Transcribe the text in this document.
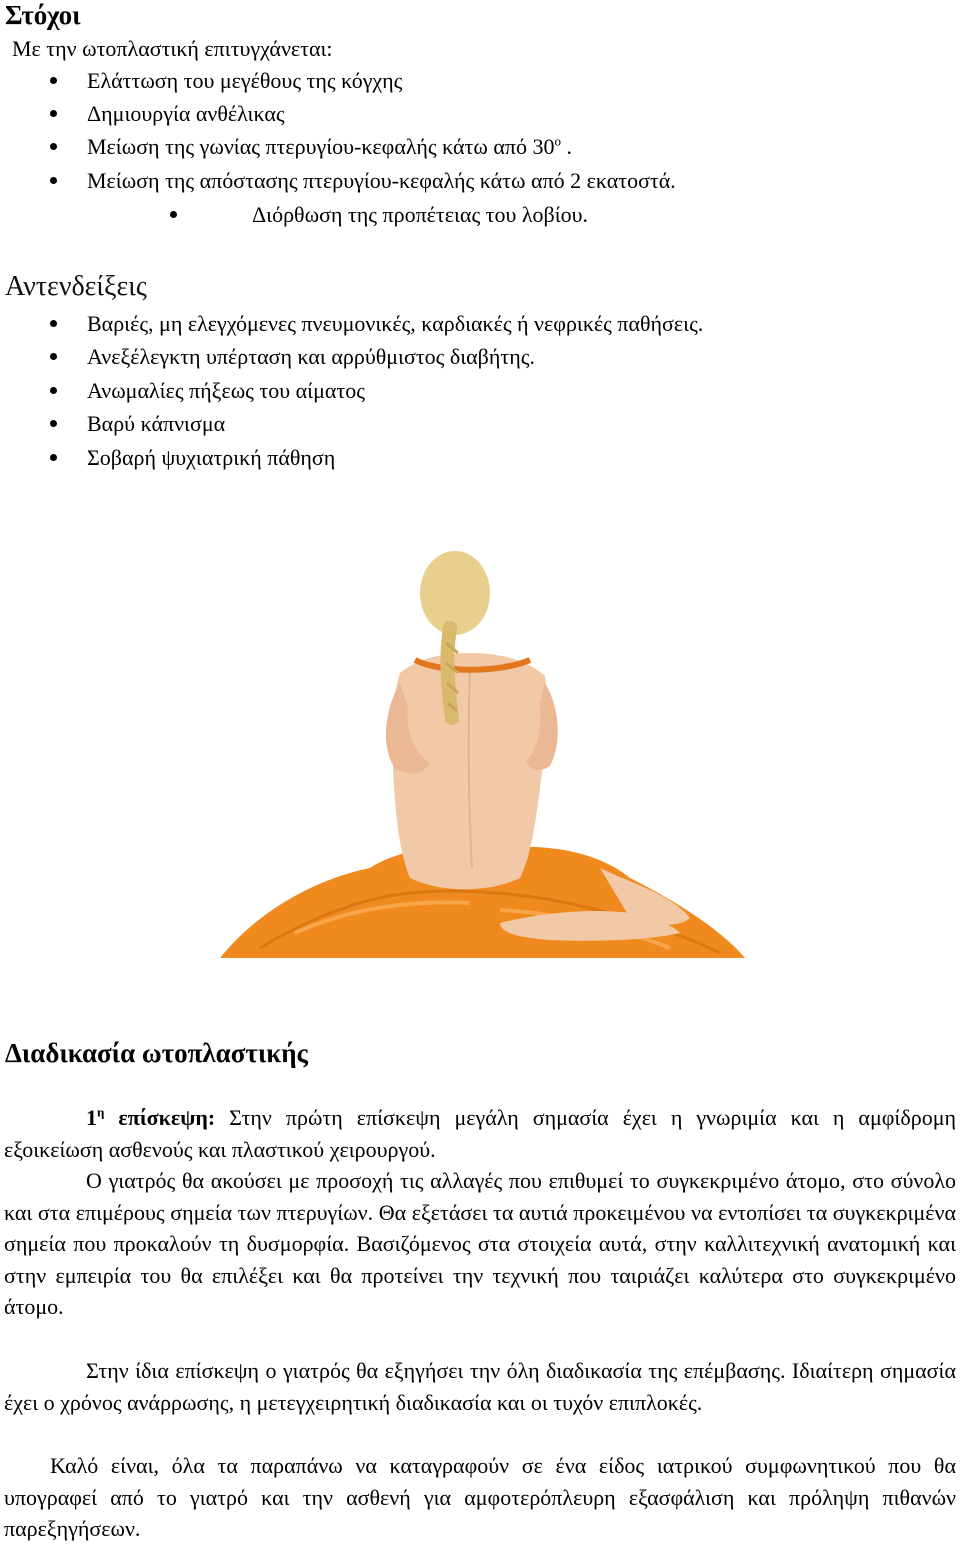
Στόχοι
Με την ωτοπλαστική επιτυγχάνεται:
Ελάττωση του μεγέθους της κόγχης
Δημιουργία ανθέλικας
Μείωση της γωνίας πτερυγίου-κεφαλής κάτω από $30^o$ .
Μείωση της απόστασης πτερυγίου-κεφαλής κάτω από 2 εκατοστά.
Διόρθωση της προπέτειας του λοβίου.
Αντενδείξεις
Βαριές, μη ελεγχόμενες πνευμονικές, καρδιακές ή νεφρικές παθήσεις.
Ανεξέλεγκτη υπέρταση και αρρύθμιστος διαβήτης.
Ανωμαλίες πήξεως του αίματος
Βαρύ κάπνισμα
Σοβαρή ψυχιατρική πάθηση
Διαδικασία ωτοπλαστικής
$1^\eta$ επίσκεψη: Στην πρώτη επίσκεψη μεγάλη σημασία έχει η γνωριμία και η αμφίδρομη εξοικείωση ασθενούς και πλαστικού χειρουργού.
Ο γιατρός θα ακούσει με προσοχή τις αλλαγές που επιθυμεί το συγκεκριμένο άτομο, στο σύνολο και στα επιμέρους σημεία των πτερυγίων. Θα εξετάσει τα αυτιά προκειμένου να εντοπίσει τα συγκεκριμένα σημεία που προκαλούν τη δυσμορφία. Βασιζόμενος στα στοιχεία αυτά, στην καλλιτεχνική ανατομική και στην εμπειρία του θα επιλέξει και θα προτείνει την τεχνική που ταιριάζει καλύτερα στο συγκεκριμένο άτομο.
Στην ίδια επίσκεψη ο γιατρός θα εξηγήσει την όλη διαδικασία της επέμβασης. Ιδιαίτερη σημασία έχει ο χρόνος ανάρρωσης, η μετεγχειρητική διαδικασία και οι τυχόν επιπλοκές.
Καλό είναι, όλα τα παραπάνω να καταγραφούν σε ένα είδος ιατρικού συμφωνητικού που θα υπογραφεί από το γιατρό και την ασθενή για αμφοτερόπλευρη εξασφάλιση και πρόληψη πιθανών παρεξηγήσεων.
